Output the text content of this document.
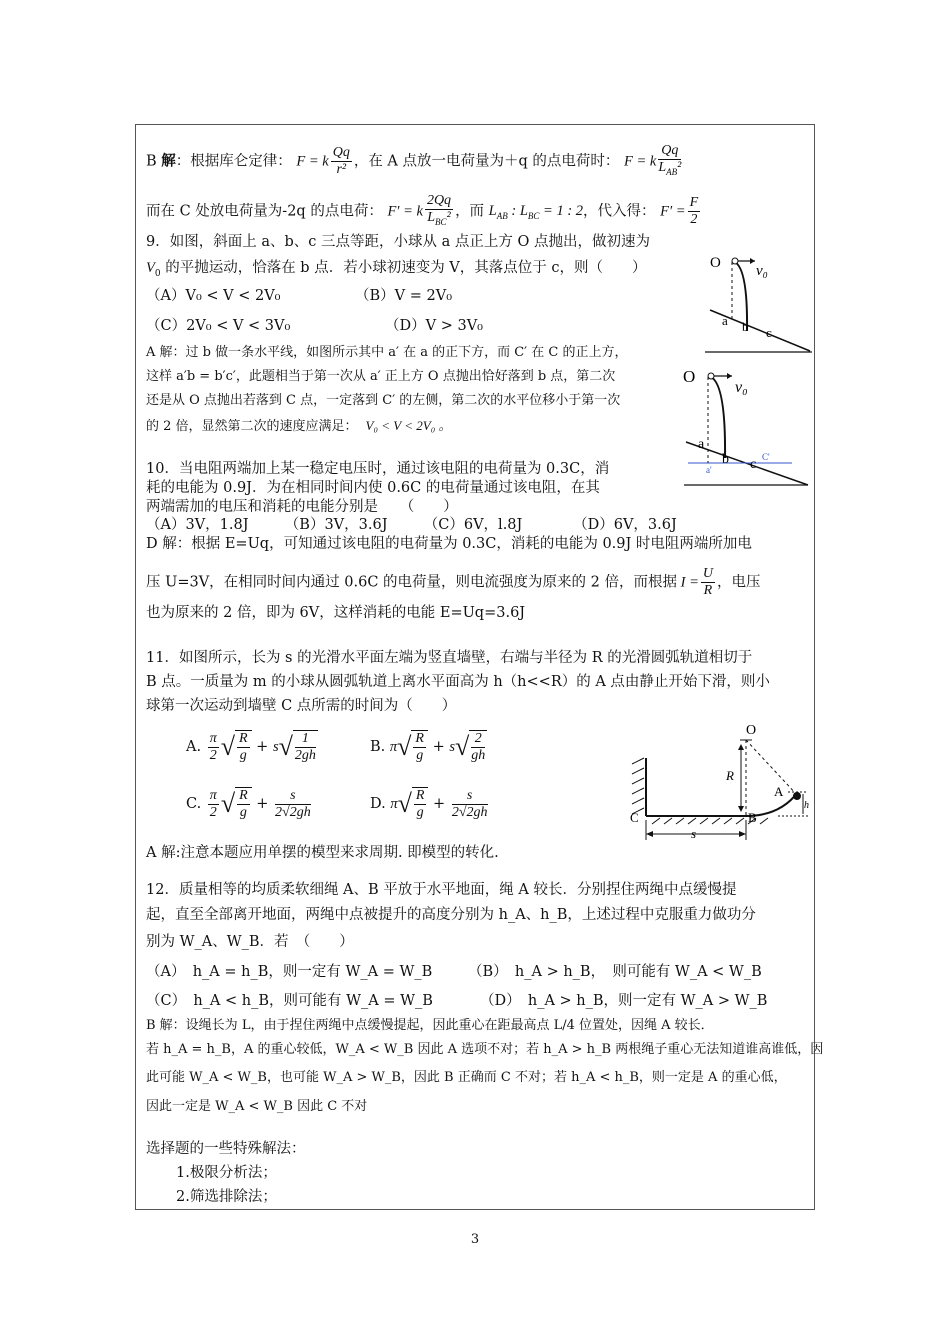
B 解：根据库仑定律： F = k $\frac{Qq}{\text{r²}}$ ，在 A 点放一电荷量为＋q 的点电荷时： F = k $\frac{Qq}{L_{AB}^2}$
而在 C 处放电荷量为-2q 的点电荷： F′ = k $\frac{2Qq}{L_{BC}^2}$ ，而 $L_{AB}$ : $L_{BC} = 1$ : 2，代入得： $F' = \frac{F}{2}$
9．如图，斜面上 a、b、c 三点等距，小球从 a 点正上方 O 点抛出，做初速为
$V_0$ 的平抛运动，恰落在 b 点．若小球初速变为 V，其落点位于 c，则（　　）
（A）V₀ < V < 2V₀	（B）V = 2V₀
（C）2V₀ < V < 3V₀	（D）V > 3V₀
A 解：过 b 做一条水平线，如图所示其中 a′ 在 a 的正下方，而 C′ 在 C 的正上方，
这样 a′b = b′c′，此题相当于第一次从 a′ 正上方 O 点抛出恰好落到 b 点，第二次
还是从 O 点抛出若落到 C 点，一定落到 C′ 的左侧，第二次的水平位移小于第一次
的 2 倍，显然第二次的速度应满足： V₀ < V < 2V₀ 。
O v₀
a b c
O
v₀
a
b c
a'
C'
10．当电阻两端加上某一稳定电压时，通过该电阻的电荷量为 0.3C，消
耗的电能为 0.9J．为在相同时间内使 0.6C 的电荷量通过该电阻，在其
两端需加的电压和消耗的电能分别是　　（　　）
（A）3V，1.8J　　　（B）3V，3.6J　　　（C）6V，l.8J　　　　（D）6V，3.6J
D 解：根据 E=Uq，可知通过该电阻的电荷量为 0.3C，消耗的电能为 0.9J 时电阻两端所加电
压 U=3V，在相同时间内通过 0.6C 的电荷量，则电流强度为原来的 2 倍，而根据 $I = \frac{U}{R}$ ，电压
也为原来的 2 倍，即为 6V，这样消耗的电能 E=Uq=3.6J
11．如图所示，长为 s 的光滑水平面左端为竖直墙壁，右端与半径为 R 的光滑圆弧轨道相切于
B 点。一质量为 m 的小球从圆弧轨道上离水平面高为 h（h<<R）的 A 点由静止开始下滑，则小
球第一次运动到墙壁 C 点所需的时间为（　　）
A. $\frac{\pi}{2}$ √ $\frac{R}{g} + s√ \frac{1}{2gh}$	B. $\pi√ \frac{R}{g} + s√ \frac{2}{gh}$
C. $\frac{\pi}{2}$ √ $\frac{R}{g} + \frac{s}{2√2gh}$	D. $\pi√ \frac{R}{g} + \frac{s}{2√2gh}$
O
R
A
h
C	B
s
A 解:注意本题应用单摆的模型来求周期. 即模型的转化.
12．质量相等的均质柔软细绳 A、B 平放于水平地面，绳 A 较长．分别捏住两绳中点缓慢提
起，直至全部离开地面，两绳中点被提升的高度分别为 h_A、h_B，上述过程中克服重力做功分
别为 W_A、W_B．若　（　　）
（A）　h_A = h_B，则一定有 W_A = W_B （B）　h_A > h_B，　则可能有 W_A < W_B
（C）　h_A < h_B，则可能有 W_A = W_B	（D）　h_A > h_B，则一定有 W_A > W_B
B 解：设绳长为 L，由于捏住两绳中点缓慢提起，因此重心在距最高点 L/4 位置处，因绳 A 较长．
若 h_A = h_B，A 的重心较低，W_A < W_B 因此 A 选项不对；若 h_A > h_B 两根绳子重心无法知道谁高谁低，因
此可能 W_A < W_B，也可能 W_A > W_B，因此 B 正确而 C 不对；若 h_A < h_B，则一定是 A 的重心低，
因此一定是 W_A < W_B 因此 C 不对
选择题的一些特殊解法：
1.极限分析法；
2.筛选排除法；
3
